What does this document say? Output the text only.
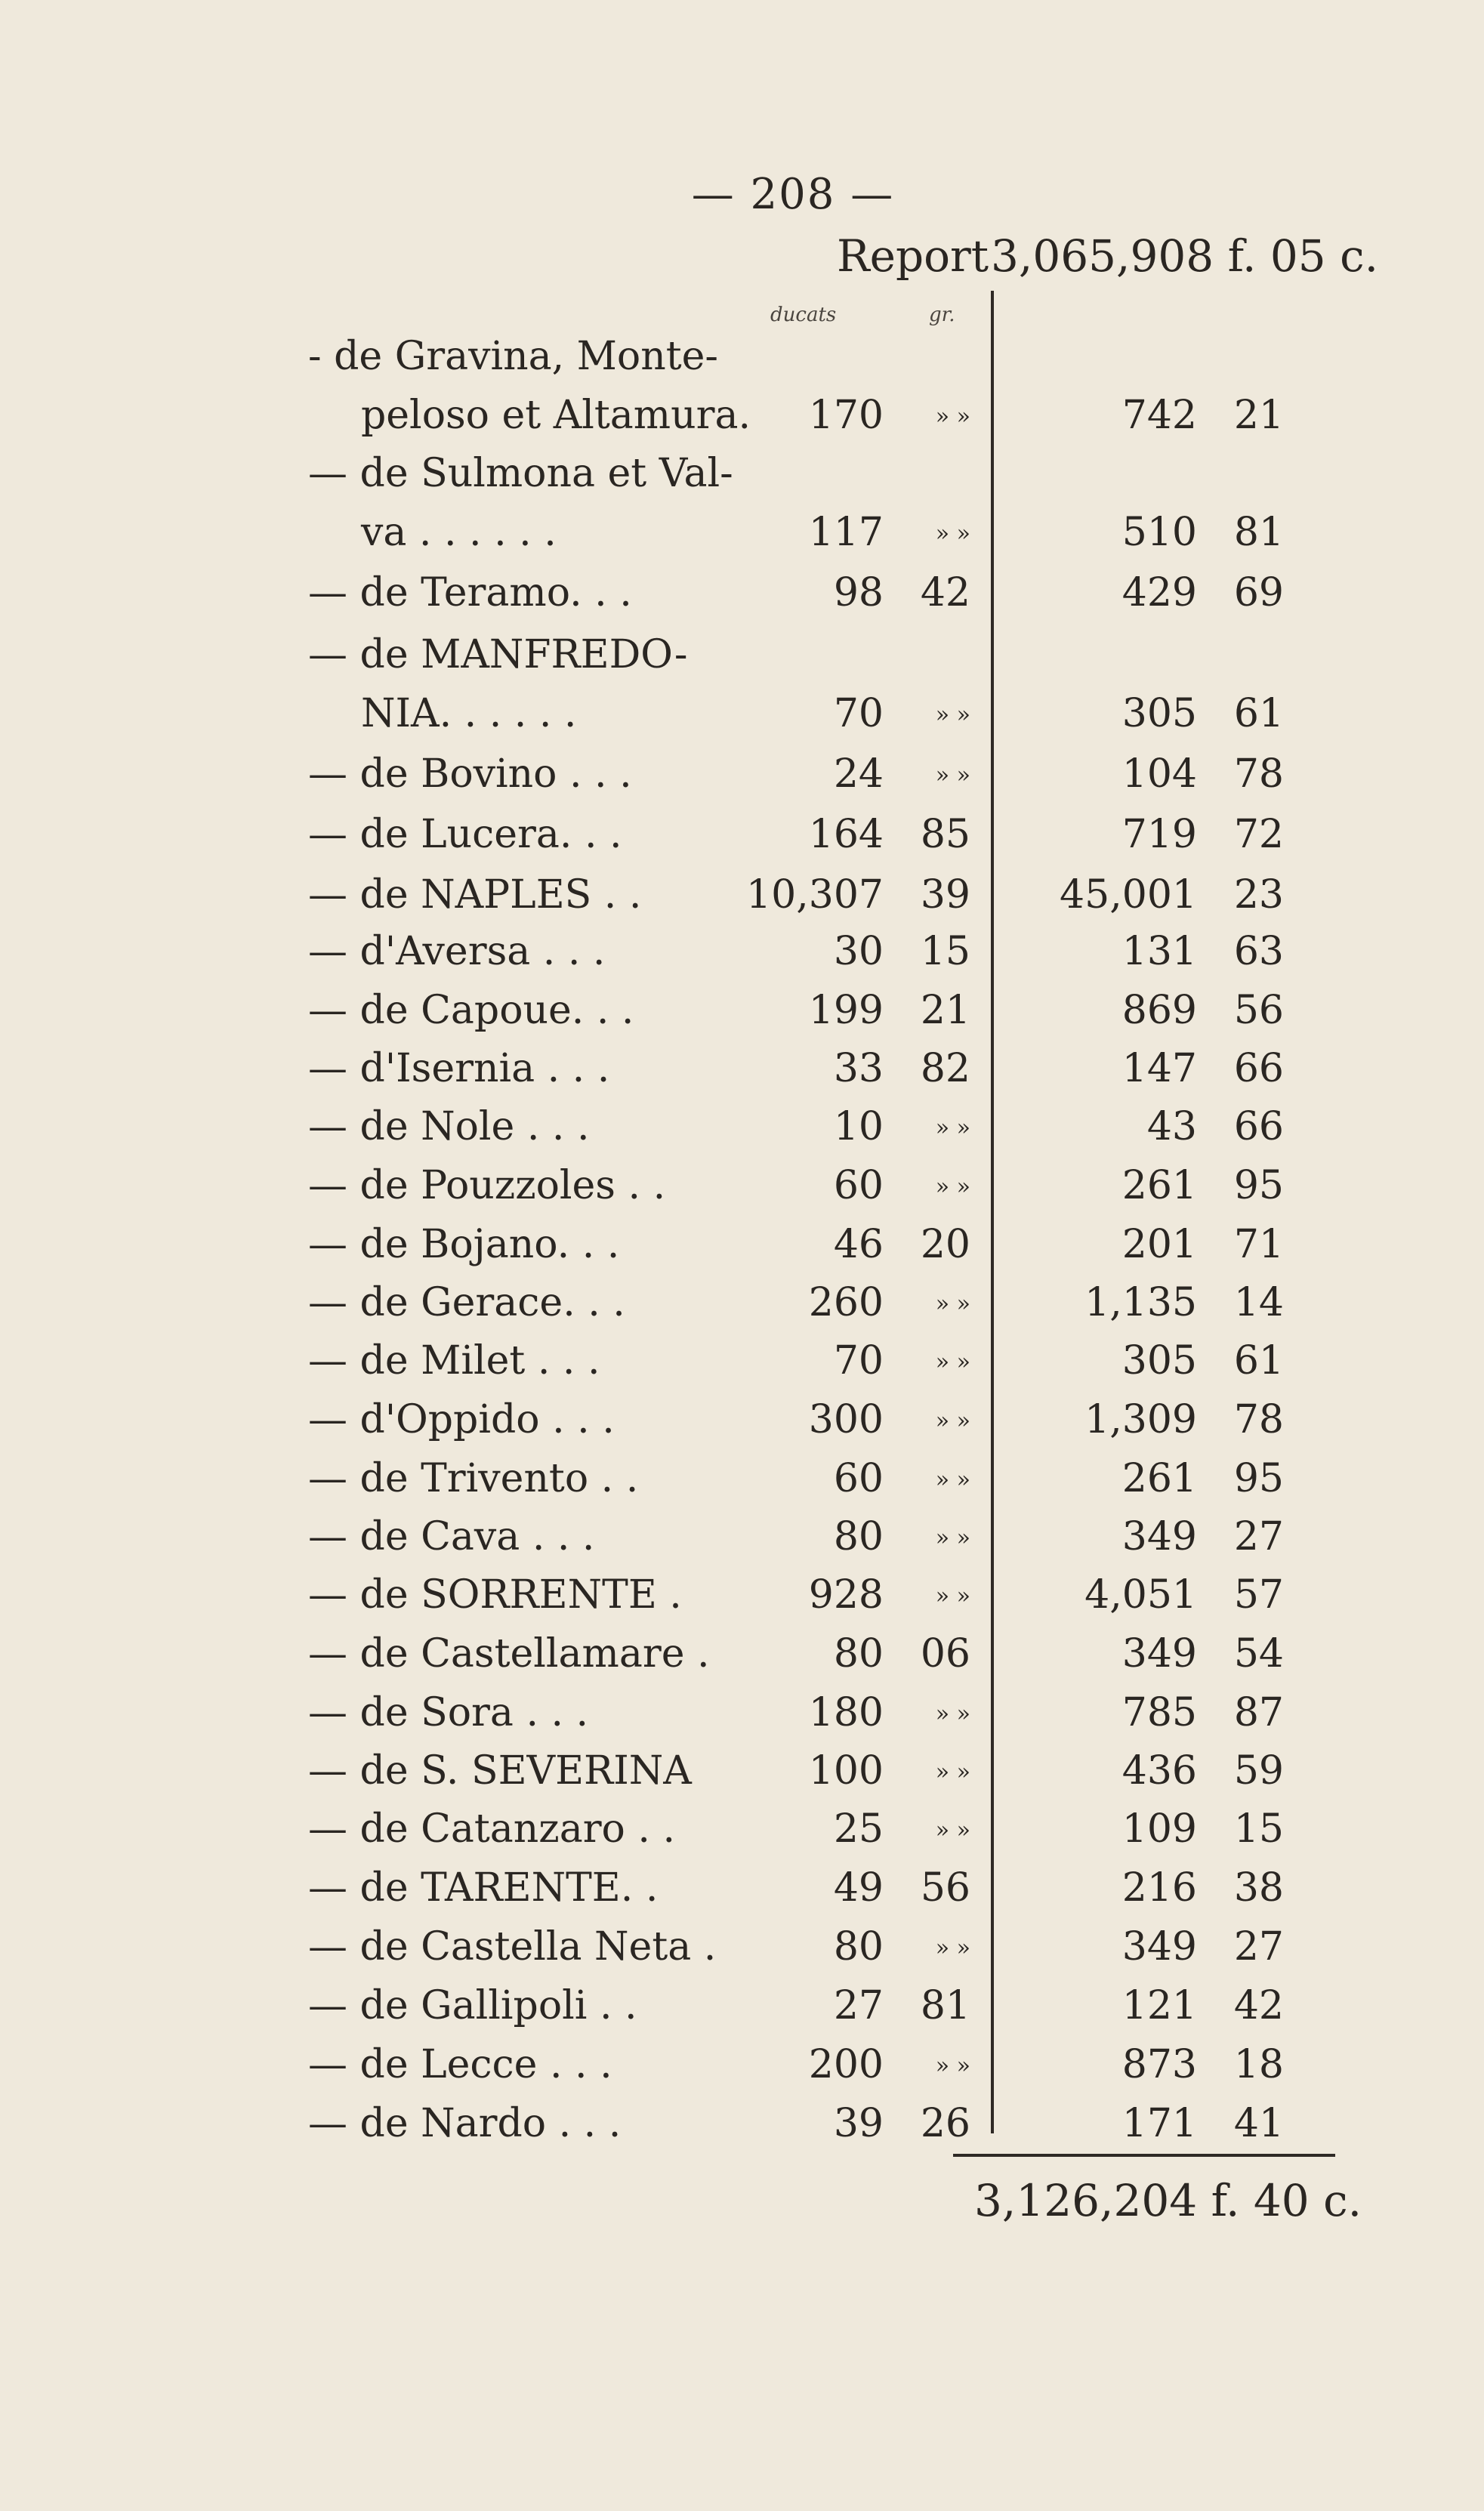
— 208 —
Report 3,065,908 f. 05 c.
ducats	gr.
- de Gravina, Monte-
peloso et Altamura. 170 » »	742 21
— de Sulmona et Val-
va . . . . . .	117 » »	510 81
— de Teramo. . .	98 42	429 69
— de MANFREDO-
NIA. . . . . .	70 » »	305 61
— de Bovino . . .	24 » »	104 78
— de Lucera. . .	164 85	719 72
— de NAPLES . .	10,307 39 45,001 23
— d'Aversa . . .	30 15	131 63
— de Capoue. . .	199 21	869 56
— d'Isernia . . .	33 82	147 66
— de Nole . . .	10 » »	43 66
— de Pouzzoles . .	60 » »	261 95
— de Bojano. . .	46 20	201 71
— de Gerace. . .	260 » »	1,135 14
— de Milet . . .	70 » »	305 61
— d'Oppido . . .	300 » »	1,309 78
— de Trivento . .	60 » »	261 95
— de Cava . . .	80 » »	349 27
— de SORRENTE .	928 » »	4,051 57
— de Castellamare .	80 06	349 54
— de Sora . . .	180 » »	785 87
— de S. SEVERINA	100 » »	436 59
— de Catanzaro . .	25 » »	109 15
— de TARENTE. .	49 56	216 38
— de Castella Neta .	80 » »	349 27
— de Gallipoli . .	27 81	121 42
— de Lecce . . .	200 » »	873 18
— de Nardo . . .	39 26	171 41
3,126,204 f. 40 c.
